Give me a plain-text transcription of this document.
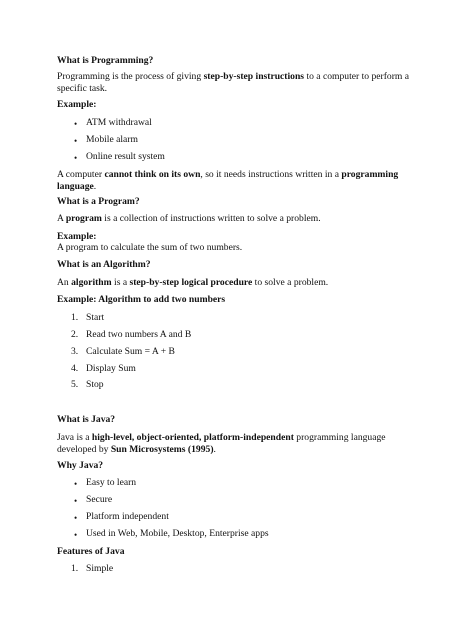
What is Programming?
Programming is the process of giving step-by-step instructions to a computer to perform a specific task.
Example:
• ATM withdrawal
• Mobile alarm
• Online result system
A computer cannot think on its own, so it needs instructions written in a programming language.
What is a Program?
A program is a collection of instructions written to solve a problem.
Example:
A program to calculate the sum of two numbers.
What is an Algorithm?
An algorithm is a step-by-step logical procedure to solve a problem.
Example: Algorithm to add two numbers
1. Start
2. Read two numbers A and B
3. Calculate Sum = A + B
4. Display Sum
5. Stop
What is Java?
Java is a high-level, object-oriented, platform-independent programming language developed by Sun Microsystems (1995).
Why Java?
• Easy to learn
• Secure
• Platform independent
• Used in Web, Mobile, Desktop, Enterprise apps
Features of Java
1. Simple
